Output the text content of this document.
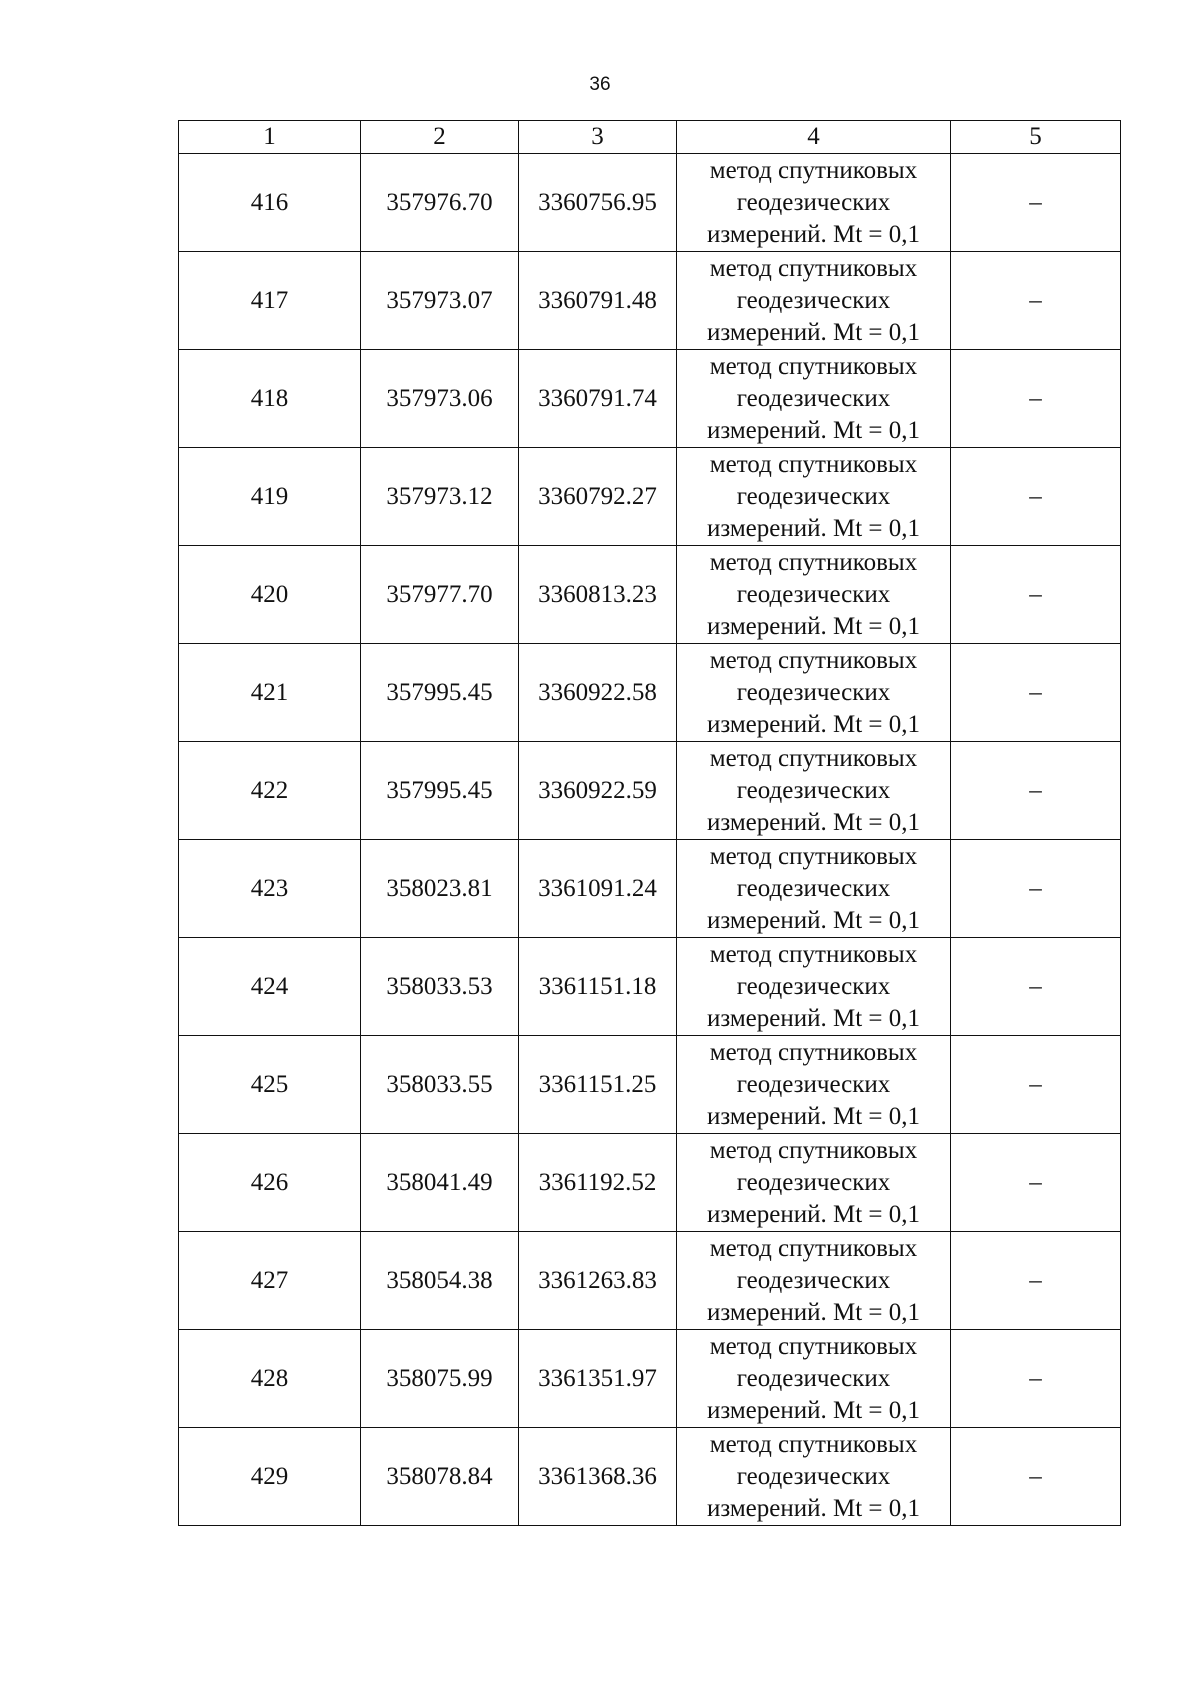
36
1	2	3	4	5
416	357976.70	3360756.95	метод спутниковых
геодезических
измерений. Mt = 0,1	–
417	357973.07	3360791.48	метод спутниковых
геодезических
измерений. Mt = 0,1	–
418	357973.06	3360791.74	метод спутниковых
геодезических
измерений. Mt = 0,1	–
419	357973.12	3360792.27	метод спутниковых
геодезических
измерений. Mt = 0,1	–
420	357977.70	3360813.23	метод спутниковых
геодезических
измерений. Mt = 0,1	–
421	357995.45	3360922.58	метод спутниковых
геодезических
измерений. Mt = 0,1	–
422	357995.45	3360922.59	метод спутниковых
геодезических
измерений. Mt = 0,1	–
423	358023.81	3361091.24	метод спутниковых
геодезических
измерений. Mt = 0,1	–
424	358033.53	3361151.18	метод спутниковых
геодезических
измерений. Mt = 0,1	–
425	358033.55	3361151.25	метод спутниковых
геодезических
измерений. Mt = 0,1	–
426	358041.49	3361192.52	метод спутниковых
геодезических
измерений. Mt = 0,1	–
427	358054.38	3361263.83	метод спутниковых
геодезических
измерений. Mt = 0,1	–
428	358075.99	3361351.97	метод спутниковых
геодезических
измерений. Mt = 0,1	–
429	358078.84	3361368.36	метод спутниковых
геодезических
измерений. Mt = 0,1	–
